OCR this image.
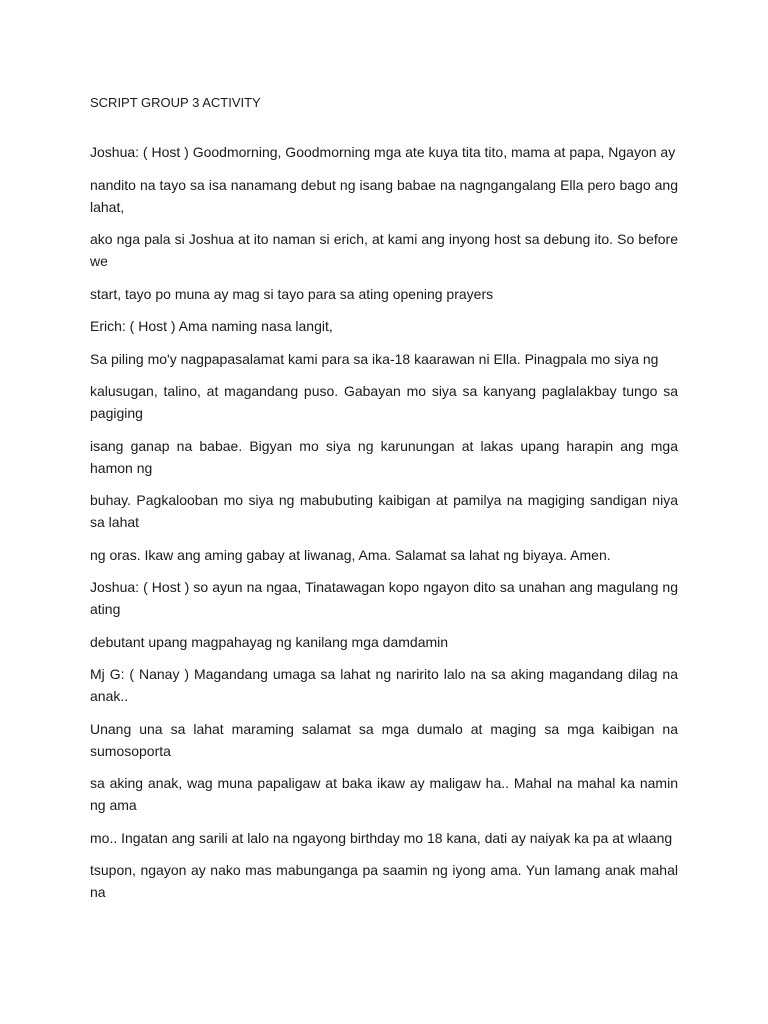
SCRIPT GROUP 3 ACTIVITY

Joshua: ( Host ) Goodmorning, Goodmorning mga ate kuya tita tito, mama at papa, Ngayon ay

nandito na tayo sa isa nanamang debut ng isang babae na nagngangalang Ella pero bago ang lahat,

ako nga pala si Joshua at ito naman si erich, at kami ang inyong host sa debung ito. So before we

start, tayo po muna ay mag si tayo para sa ating opening prayers

Erich: ( Host ) Ama naming nasa langit,

Sa piling mo'y nagpapasalamat kami para sa ika-18 kaarawan ni Ella. Pinagpala mo siya ng

kalusugan, talino, at magandang puso. Gabayan mo siya sa kanyang paglalakbay tungo sa pagiging

isang ganap na babae. Bigyan mo siya ng karunungan at lakas upang harapin ang mga hamon ng

buhay. Pagkalooban mo siya ng mabubuting kaibigan at pamilya na magiging sandigan niya sa lahat

ng oras. Ikaw ang aming gabay at liwanag, Ama. Salamat sa lahat ng biyaya. Amen.

Joshua: ( Host ) so ayun na ngaa, Tinatawagan kopo ngayon dito sa unahan ang magulang ng ating

debutant upang magpahayag ng kanilang mga damdamin

Mj G: ( Nanay ) Magandang umaga sa lahat ng naririto lalo na sa aking magandang dilag na anak..

Unang una sa lahat maraming salamat sa mga dumalo at maging sa mga kaibigan na sumosoporta

sa aking anak, wag muna papaligaw at baka ikaw ay maligaw ha.. Mahal na mahal ka namin ng ama

mo.. Ingatan ang sarili at lalo na ngayong birthday mo 18 kana, dati ay naiyak ka pa at wlaang

tsupon, ngayon ay nako mas mabunganga pa saamin ng iyong ama. Yun lamang anak mahal na
